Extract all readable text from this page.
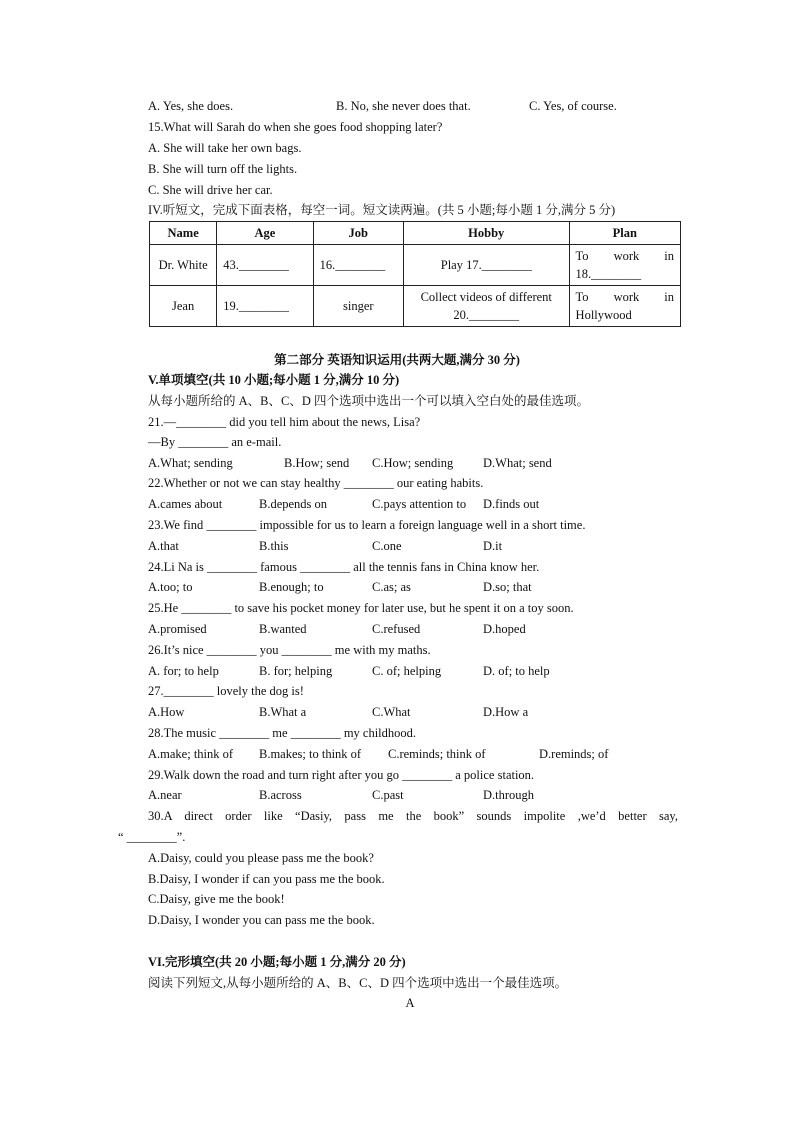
A. Yes, she does.	B. No, she never does that.	C. Yes, of course.
15.What will Sarah do when she goes food shopping later?
A. She will take her own bags.
B. She will turn off the lights.
C. She will drive her car.
IV.听短文，完成下面表格，每空一词。短文读两遍。(共 5 小题;每小题 1 分,满分 5 分)
Name	Age	Job	Hobby	Plan
Dr. White	43.________	16.________	Play 17.________	To work in 18.________
Jean	19.________	singer	Collect videos of different 20.________	To work in Hollywood
第二部分 英语知识运用(共两大题,满分 30 分)
V.单项填空(共 10 小题;每小题 1 分,满分 10 分)
从每小题所给的 A、B、C、D 四个选项中选出一个可以填入空白处的最佳选项。
21.—________ did you tell him about the news, Lisa?
—By ________ an e-mail.
A.What; sending	B.How; send C.How; sending D.What; send
22.Whether or not we can stay healthy ________ our eating habits.
A.cames about	B.depends on	C.pays attention to D.finds out
23.We find ________ impossible for us to learn a foreign language well in a short time.
A.that	B.this	C.one	D.it
24.Li Na is ________ famous ________ all the tennis fans in China know her.
A.too; to	B.enough; to	C.as; as	D.so; that
25.He ________ to save his pocket money for later use, but he spent it on a toy soon.
A.promised	B.wanted	C.refused	D.hoped
26.It’s nice ________ you ________ me with my maths.
A. for; to help	B. for; helping	C. of; helping	D. of; to help
27.________ lovely the dog is!
A.How	B.What a	C.What	D.How a
28.The music ________ me ________ my childhood.
A.make; think of B.makes; to think of C.reminds; think of	D.reminds; of
29.Walk down the road and turn right after you go ________ a police station.
A.near	B.across	C.past	D.through
30.A direct order like “Dasiy, pass me the book” sounds impolite ,we’d better say,
“ ________”.
A.Daisy, could you please pass me the book?
B.Daisy, I wonder if can you pass me the book.
C.Daisy, give me the book!
D.Daisy, I wonder you can pass me the book.
VI.完形填空(共 20 小题;每小题 1 分,满分 20 分)
阅读下列短文,从每小题所给的 A、B、C、D 四个选项中选出一个最佳选项。
A
